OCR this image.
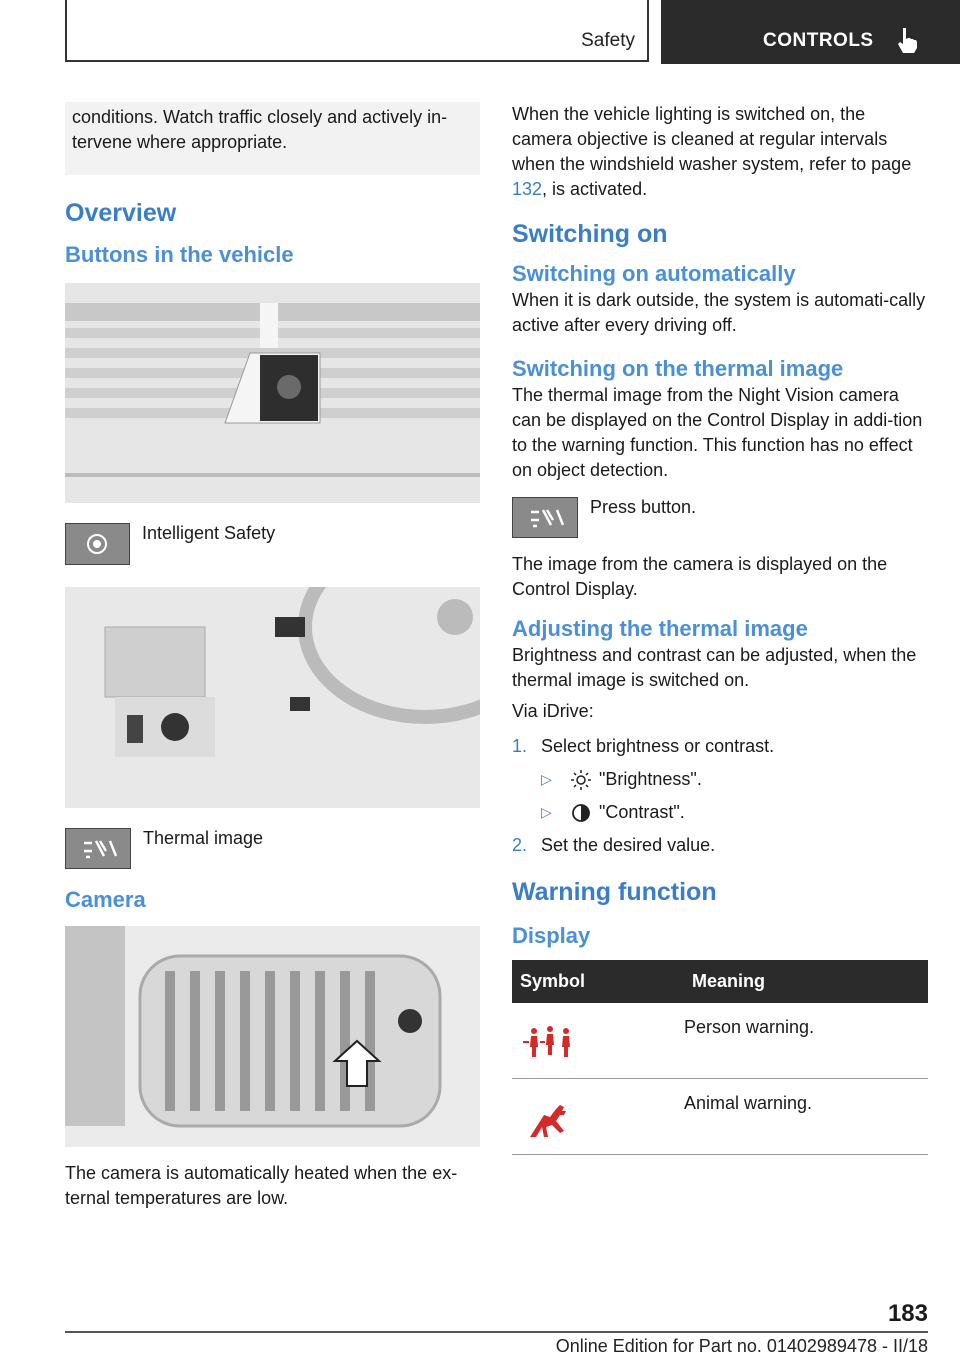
Safety	CONTROLS
conditions. Watch traffic closely and actively in‐tervene where appropriate.
Overview
Buttons in the vehicle
Intelligent Safety
Thermal image
Camera
The camera is automatically heated when the ex‐ternal temperatures are low.
When the vehicle lighting is switched on, the camera objective is cleaned at regular intervals when the windshield washer system, refer to page 132, is activated.
Switching on
Switching on automatically
When it is dark outside, the system is automati‐cally active after every driving off.
Switching on the thermal image
The thermal image from the Night Vision camera can be displayed on the Control Display in addi‐tion to the warning function. This function has no effect on object detection.
Press button.
The image from the camera is displayed on the Control Display.
Adjusting the thermal image
Brightness and contrast can be adjusted, when the thermal image is switched on.
Via iDrive:
1. Select brightness or contrast.
▷	"Brightness".
▷	"Contrast".
2. Set the desired value.
Warning function
Display
Symbol	Meaning
	Person warning.
	Animal warning.
183
Online Edition for Part no. 01402989478 - II/18
